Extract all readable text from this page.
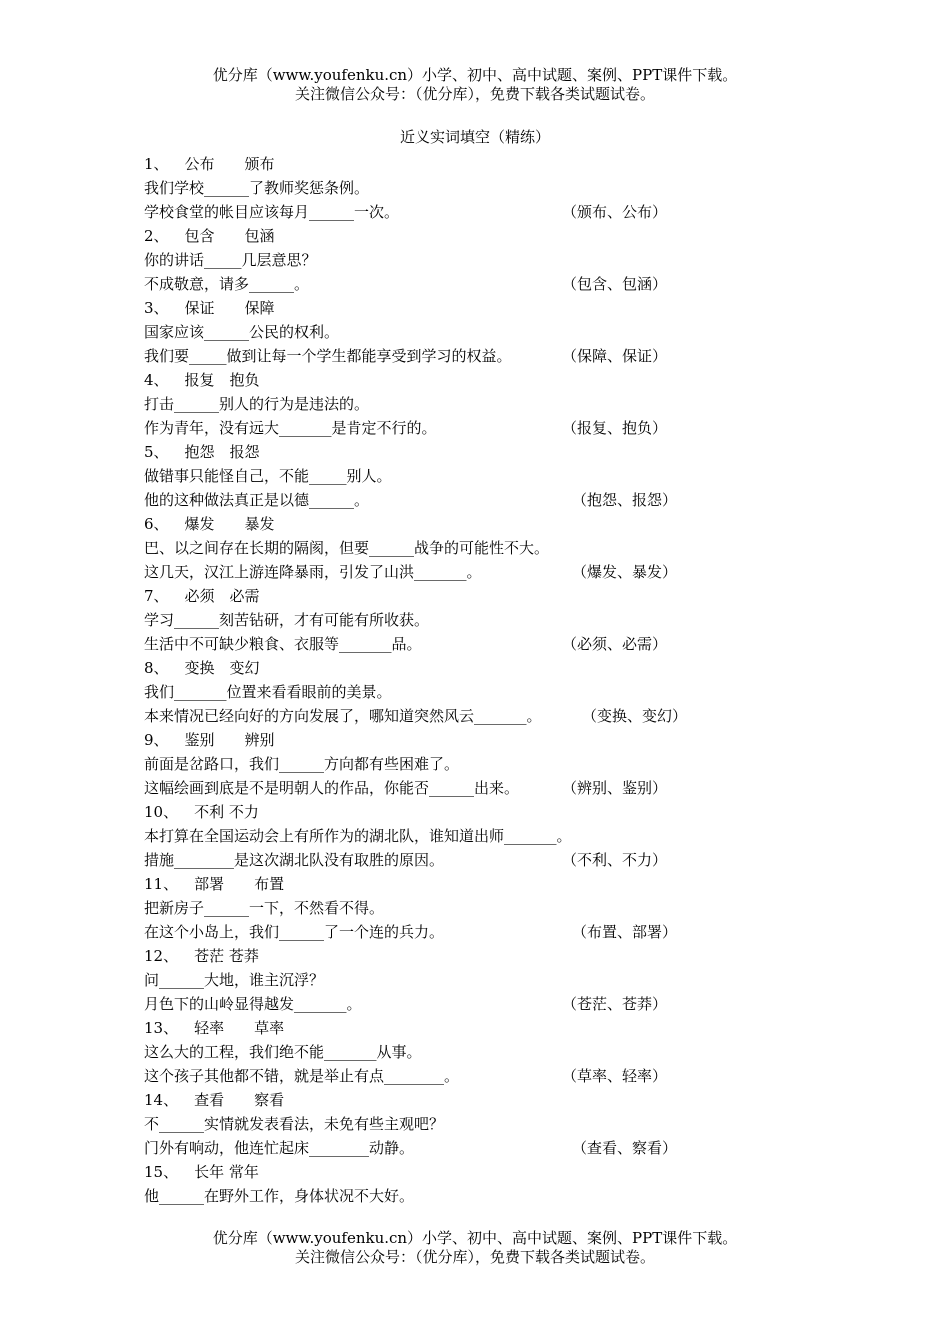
优分库（www.youfenku.cn）小学、初中、高中试题、案例、PPT课件下载。
关注微信公众号：（优分库），免费下载各类试题试卷。
近义实词填空（精练）
1、 公布　　颁布
我们学校______了教师奖惩条例。
学校食堂的帐目应该每月______一次。	（颁布、公布）
2、 包含　　包涵
你的讲话_____几层意思？
不成敬意，请多______。	（包含、包涵）
3、 保证　　保障
国家应该______公民的权利。
我们要_____做到让每一个学生都能享受到学习的权益。	（保障、保证）
4、 报复　抱负
打击______别人的行为是违法的。
作为青年，没有远大_______是肯定不行的。	（报复、抱负）
5、 抱怨　报怨
做错事只能怪自己，不能_____别人。
他的这种做法真正是以德______。	（抱怨、报怨）
6、 爆发　　暴发
巴、以之间存在长期的隔阂，但要______战争的可能性不大。
这几天，汉江上游连降暴雨，引发了山洪_______。	（爆发、暴发）
7、 必须　必需
学习______刻苦钻研，才有可能有所收获。
生活中不可缺少粮食、衣服等_______品。	（必须、必需）
8、 变换　变幻
我们_______位置来看看眼前的美景。
本来情况已经向好的方向发展了，哪知道突然风云_______。	（变换、变幻）
9、 鉴别　　辨别
前面是岔路口，我们______方向都有些困难了。
这幅绘画到底是不是明朝人的作品，你能否______出来。	（辨别、鉴别）
10、 不利 不力
本打算在全国运动会上有所作为的湖北队，谁知道出师_______。
措施________是这次湖北队没有取胜的原因。	（不利、不力）
11、 部署　　布置
把新房子______一下，不然看不得。
在这个小岛上，我们______了一个连的兵力。	（布置、部署）
12、 苍茫 苍莽
问______大地，谁主沉浮？
月色下的山岭显得越发_______。	（苍茫、苍莽）
13、 轻率　　草率
这么大的工程，我们绝不能_______从事。
这个孩子其他都不错，就是举止有点________。	（草率、轻率）
14、 查看　　察看
不______实情就发表看法，未免有些主观吧？
门外有响动，他连忙起床________动静。	（查看、察看）
15、 长年 常年
他______在野外工作，身体状况不大好。
优分库（www.youfenku.cn）小学、初中、高中试题、案例、PPT课件下载。
关注微信公众号：（优分库），免费下载各类试题试卷。
